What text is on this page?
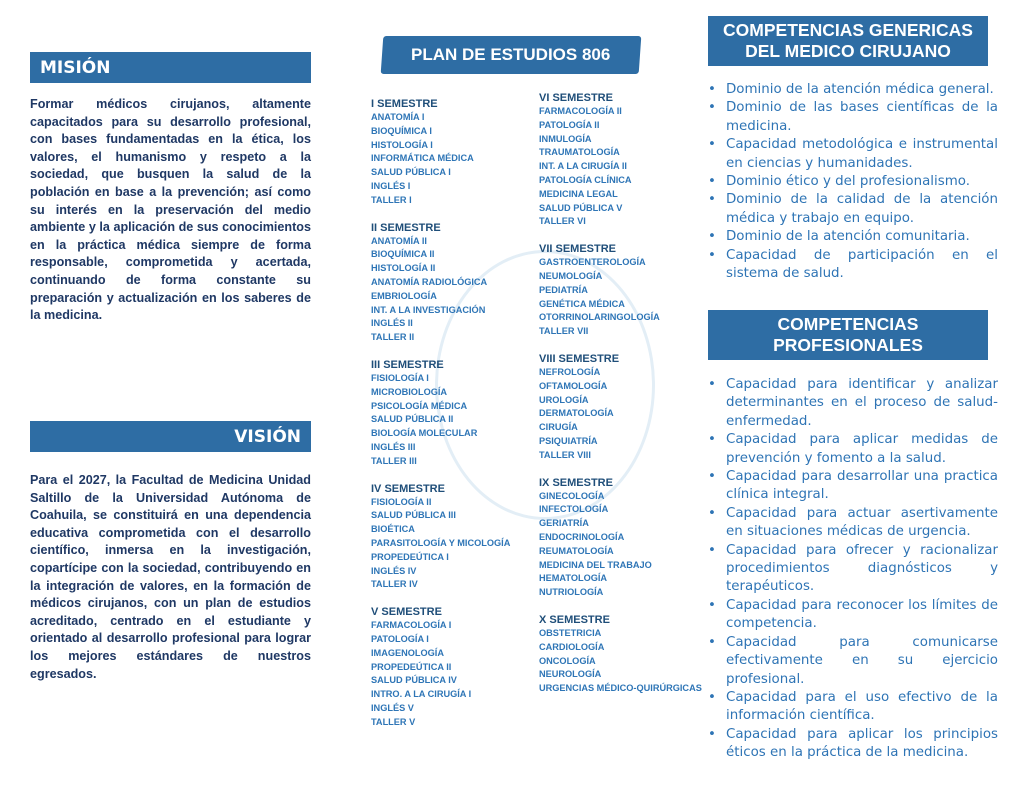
MISIÓN

Formar médicos cirujanos, altamente capacitados para su desarrollo profesional, con bases fundamentadas en la ética, los valores, el humanismo y respeto a la sociedad, que busquen la salud de la población en base a la prevención; así como su interés en la preservación del medio ambiente y la aplicación de sus conocimientos en la práctica médica siempre de forma responsable, comprometida y acertada, continuando de forma constante su preparación y actualización en los saberes de la medicina.

VISIÓN

Para el 2027, la Facultad de Medicina Unidad Saltillo de la Universidad Autónoma de Coahuila, se constituirá en una dependencia educativa comprometida con el desarrollo científico, inmersa en la investigación, copartícipe con la sociedad, contribuyendo en la integración de valores, en la formación de médicos cirujanos, con un plan de estudios acreditado, centrado en el estudiante y orientado al desarrollo profesional para lograr los mejores estándares de nuestros egresados.

PLAN DE ESTUDIOS 806
I SEMESTRE
ANATOMÍA I
BIOQUÍMICA I
HISTOLOGÍA I
INFORMÁTICA MÉDICA
SALUD PÚBLICA I
INGLÉS I
TALLER I
II SEMESTRE
ANATOMÍA II
BIOQUÍMICA II
HISTOLOGÍA II
ANATOMÍA RADIOLÓGICA
EMBRIOLOGÍA
INT. A LA INVESTIGACIÓN
INGLÉS II
TALLER II
III SEMESTRE
FISIOLOGÍA I
MICROBIOLOGÍA
PSICOLOGÍA MÉDICA
SALUD PÚBLICA II
BIOLOGÍA MOLECULAR
INGLÉS III
TALLER III
IV SEMESTRE
FISIOLOGÍA II
SALUD PÚBLICA III
BIOÉTICA
PARASITOLOGÍA Y MICOLOGÍA
PROPEDEÚTICA I
INGLÉS IV
TALLER IV
V SEMESTRE
FARMACOLOGÍA I
PATOLOGÍA I
IMAGENOLOGÍA
PROPEDEÚTICA II
SALUD PÚBLICA IV
INTRO. A LA CIRUGÍA I
INGLÉS V
TALLER V
VI SEMESTRE
FARMACOLOGÍA II
PATOLOGÍA II
INMULOGÍA
TRAUMATOLOGÍA
INT. A LA CIRUGÍA II
PATOLOGÍA CLÍNICA
MEDICINA LEGAL
SALUD PÚBLICA V
TALLER VI
VII SEMESTRE
GASTROENTEROLOGÍA
NEUMOLOGÍA
PEDIATRÍA
GENÉTICA MÉDICA
OTORRINOLARINGOLOGÍA
TALLER VII
VIII SEMESTRE
NEFROLOGÍA
OFTAMOLOGÍA
UROLOGÍA
DERMATOLOGÍA
CIRUGÍA
PSIQUIATRÍA
TALLER VIII
IX SEMESTRE
GINECOLOGÍA
INFECTOLOGÍA
GERIATRÍA
ENDOCRINOLOGÍA
REUMATOLOGÍA
MEDICINA DEL TRABAJO
HEMATOLOGÍA
NUTRIOLOGÍA
X SEMESTRE
OBSTETRICIA
CARDIOLOGÍA
ONCOLOGÍA
NEUROLOGÍA
URGENCIAS MÉDICO-QUIRÚRGICAS
COMPETENCIAS GENERICAS DEL MEDICO CIRUJANO
• Dominio de la atención médica general.
• Dominio de las bases científicas de la medicina.
• Capacidad metodológica e instrumental en ciencias y humanidades.
• Dominio ético y del profesionalismo.
• Dominio de la calidad de la atención médica y trabajo en equipo.
• Dominio de la atención comunitaria.
• Capacidad de participación en el sistema de salud.
COMPETENCIAS PROFESIONALES
• Capacidad para identificar y analizar determinantes en el proceso de salud-enfermedad.
• Capacidad para aplicar medidas de prevención y fomento a la salud.
• Capacidad para desarrollar una practica clínica integral.
• Capacidad para actuar asertivamente en situaciones médicas de urgencia.
• Capacidad para ofrecer y racionalizar procedimientos diagnósticos y terapéuticos.
• Capacidad para reconocer los límites de competencia.
• Capacidad para comunicarse efectivamente en su ejercicio profesional.
• Capacidad para el uso efectivo de la información científica.
• Capacidad para aplicar los principios éticos en la práctica de la medicina.
